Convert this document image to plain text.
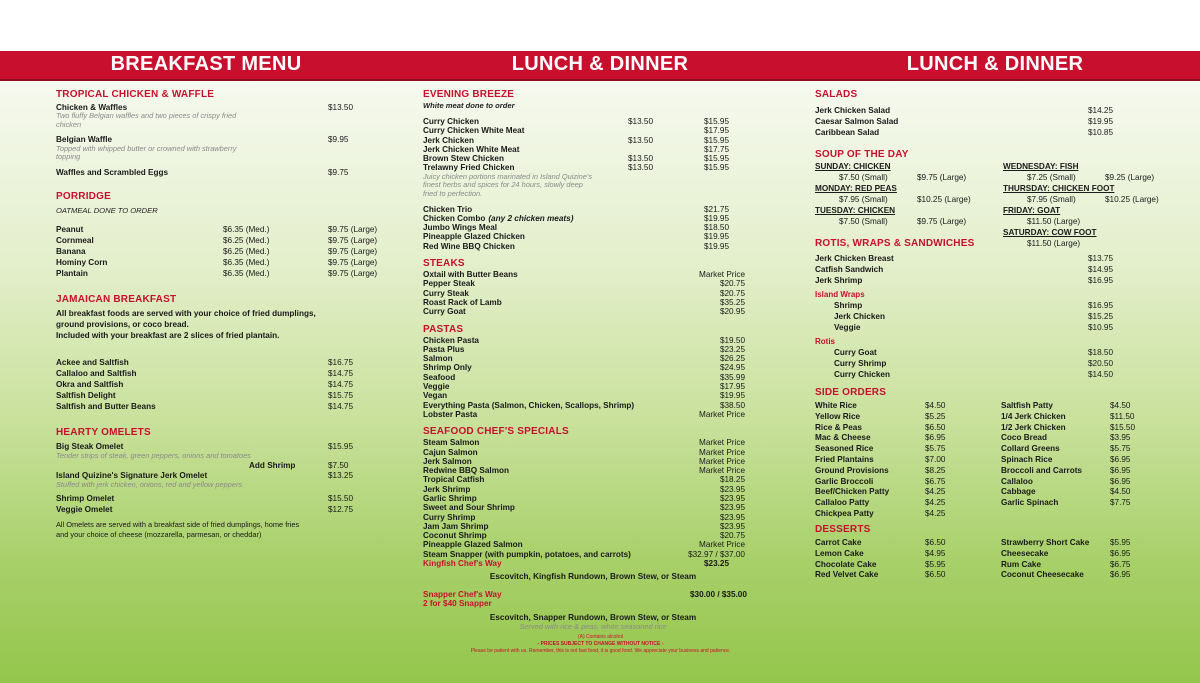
BREAKFAST MENU	LUNCH & DINNER	LUNCH & DINNER
TROPICAL CHICKEN & WAFFLE
Chicken & Waffles	$13.50
Two fluffy Belgian waffles and two pieces of crispy fried chicken
Belgian Waffle	$9.95
Topped with whipped butter or crowned with strawberry topping
Waffles and Scrambled Eggs	$9.75
PORRIDGE
OATMEAL DONE TO ORDER
Peanut	$6.35 (Med.)	$9.75 (Large)
Cornmeal	$6.25 (Med.)	$9.75 (Large)
Banana	$6.25 (Med.)	$9.75 (Large)
Hominy Corn	$6.35 (Med.)	$9.75 (Large)
Plantain	$6.35 (Med.)	$9.75 (Large)
JAMAICAN BREAKFAST
All breakfast foods are served with your choice of fried dumplings,
ground provisions, or coco bread.
Included with your breakfast are 2 slices of fried plantain.
Ackee and Saltfish	$16.75
Callaloo and Saltfish	$14.75
Okra and Saltfish	$14.75
Saltfish Delight	$15.75
Saltfish and Butter Beans	$14.75
HEARTY OMELETS
Big Steak Omelet	$15.95
Tender strips of steak, green peppers, onions and tomatoes
Add Shrimp	$7.50
Island Quizine's Signature Jerk Omelet	$13.25
Stuffed with jerk chicken, onions, red and yellow peppers
Shrimp Omelet	$15.50
Veggie Omelet	$12.75
All Omelets are served with a breakfast side of fried dumplings, home fries
and your choice of cheese (mozzarella, parmesan, or cheddar)
EVENING BREEZE
White meat done to order
Curry Chicken	$13.50	$15.95
Curry Chicken White Meat	$17.95
Jerk Chicken	$13.50	$15.95
Jerk Chicken White Meat	$17.75
Brown Stew Chicken	$13.50	$15.95
Trelawny Fried Chicken	$13.50	$15.95
Juicy chicken portions marinated in Island Quizine's finest herbs and spices for 24 hours, slowly deep fried to perfection.
Chicken Trio	$21.75
Chicken Combo (any 2 chicken meats)	$19.95
Jumbo Wings Meal	$18.50
Pineapple Glazed Chicken	$19.95
Red Wine BBQ Chicken	$19.95
STEAKS
Oxtail with Butter Beans	Market Price
Pepper Steak	$20.75
Curry Steak	$20.75
Roast Rack of Lamb	$35.25
Curry Goat	$20.95
PASTAS
Chicken Pasta	$19.50
Pasta Plus	$23.25
Salmon	$26.25
Shrimp Only	$24.95
Seafood	$35.99
Veggie	$17.95
Vegan	$19.95
Everything Pasta (Salmon, Chicken, Scallops, Shrimp)	$38.50
Lobster Pasta	Market Price
SEAFOOD CHEF'S SPECIALS
Steam Salmon	Market Price
Cajun Salmon	Market Price
Jerk Salmon	Market Price
Redwine BBQ Salmon	Market Price
Tropical Catfish	$18.25
Jerk Shrimp	$23.95
Garlic Shrimp	$23.95
Sweet and Sour Shrimp	$23.95
Curry Shrimp	$23.95
Jam Jam Shrimp	$23.95
Coconut Shrimp	$20.75
Pineapple Glazed Salmon	Market Price
Steam Snapper (with pumpkin, potatoes, and carrots)	$32.97 / $37.00
Kingfish Chef's Way	$23.25
Escovitch, Kingfish Rundown, Brown Stew, or Steam
Snapper Chef's Way	$30.00 / $35.00
2 for $40 Snapper
Escovitch, Snapper Rundown, Brown Stew, or Steam
Served with rice & peas, white seasoned rice
(A) Contains alcohol
- PRICES SUBJECT TO CHANGE WITHOUT NOTICE -
Please be patient with us. Remember, this is not fast food, it is good food. We appreciate your business and patience.
SALADS
Jerk Chicken Salad	$14.25
Caesar Salmon Salad	$19.95
Caribbean Salad	$10.85
SOUP OF THE DAY
SUNDAY: CHICKEN
$7.50 (Small)	$9.75 (Large)
MONDAY: RED PEAS
$7.95 (Small)	$10.25 (Large)
TUESDAY: CHICKEN
$7.50 (Small)	$9.75 (Large)
WEDNESDAY: FISH
$7.25 (Small)	$9.25 (Large)
THURSDAY: CHICKEN FOOT
$7.95 (Small)	$10.25 (Large)
FRIDAY: GOAT
$11.50 (Large)
SATURDAY: COW FOOT
$11.50 (Large)
ROTIS, WRAPS & SANDWICHES
Jerk Chicken Breast	$13.75
Catfish Sandwich	$14.95
Jerk Shrimp	$16.95
Island Wraps
Shrimp	$16.95
Jerk Chicken	$15.25
Veggie	$10.95
Rotis
Curry Goat	$18.50
Curry Shrimp	$20.50
Curry Chicken	$14.50
SIDE ORDERS
White Rice	$4.50
Yellow Rice	$5.25
Rice & Peas	$6.50
Mac & Cheese	$6.95
Seasoned Rice	$5.75
Fried Plantains	$7.00
Ground Provisions	$8.25
Garlic Broccoli	$6.75
Beef/Chicken Patty	$4.25
Callaloo Patty	$4.25
Chickpea Patty	$4.25
Saltfish Patty	$4.50
1/4 Jerk Chicken	$11.50
1/2 Jerk Chicken	$15.50
Coco Bread	$3.95
Collard Greens	$5.75
Spinach Rice	$6.95
Broccoli and Carrots	$6.95
Callaloo	$6.95
Cabbage	$4.50
Garlic Spinach	$7.75
DESSERTS
Carrot Cake	$6.50
Lemon Cake	$4.95
Chocolate Cake	$5.95
Red Velvet Cake	$6.50
Strawberry Short Cake	$5.95
Cheesecake	$6.95
Rum Cake	$6.75
Coconut Cheesecake	$6.95
